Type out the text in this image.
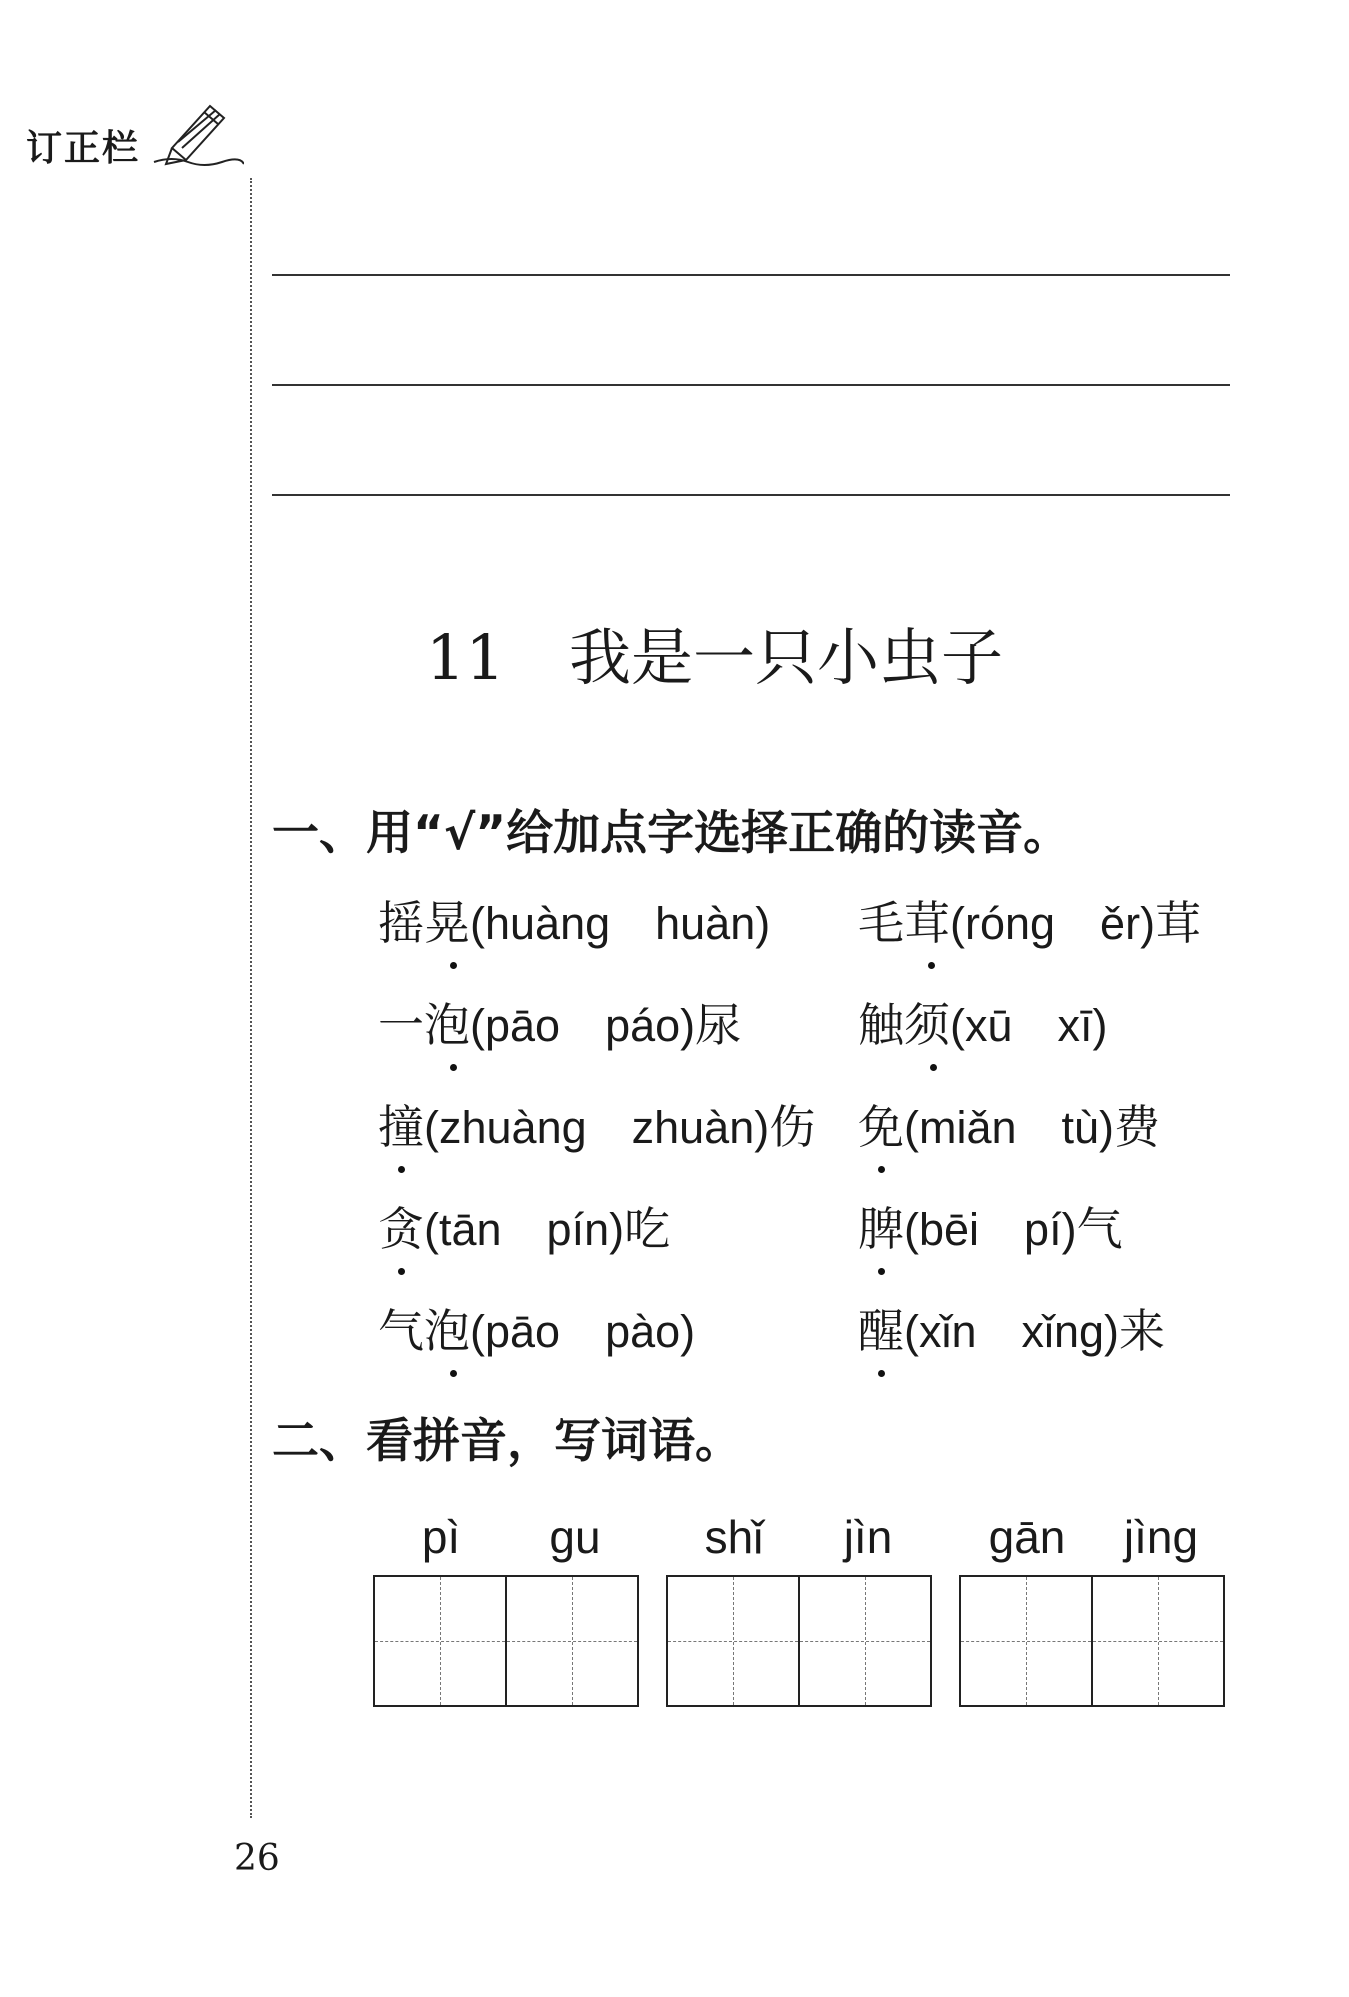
订正栏
11 我是一只小虫子
一、用“√”给加点字选择正确的读音。
摇晃(huàng　huàn) 毛茸(róng　ěr)茸
一泡(pāo　páo)尿	触须(xū　xī)
撞(zhuàng　zhuàn)伤 免(miǎn　tù)费
贪(tān　pín)吃	脾(bēi　pí)气
气泡(pāo　pào)	醒(xǐn　xǐng)来
二、看拼音，写词语。
pì	gu	shǐ	jìn	gān	jìng
26
